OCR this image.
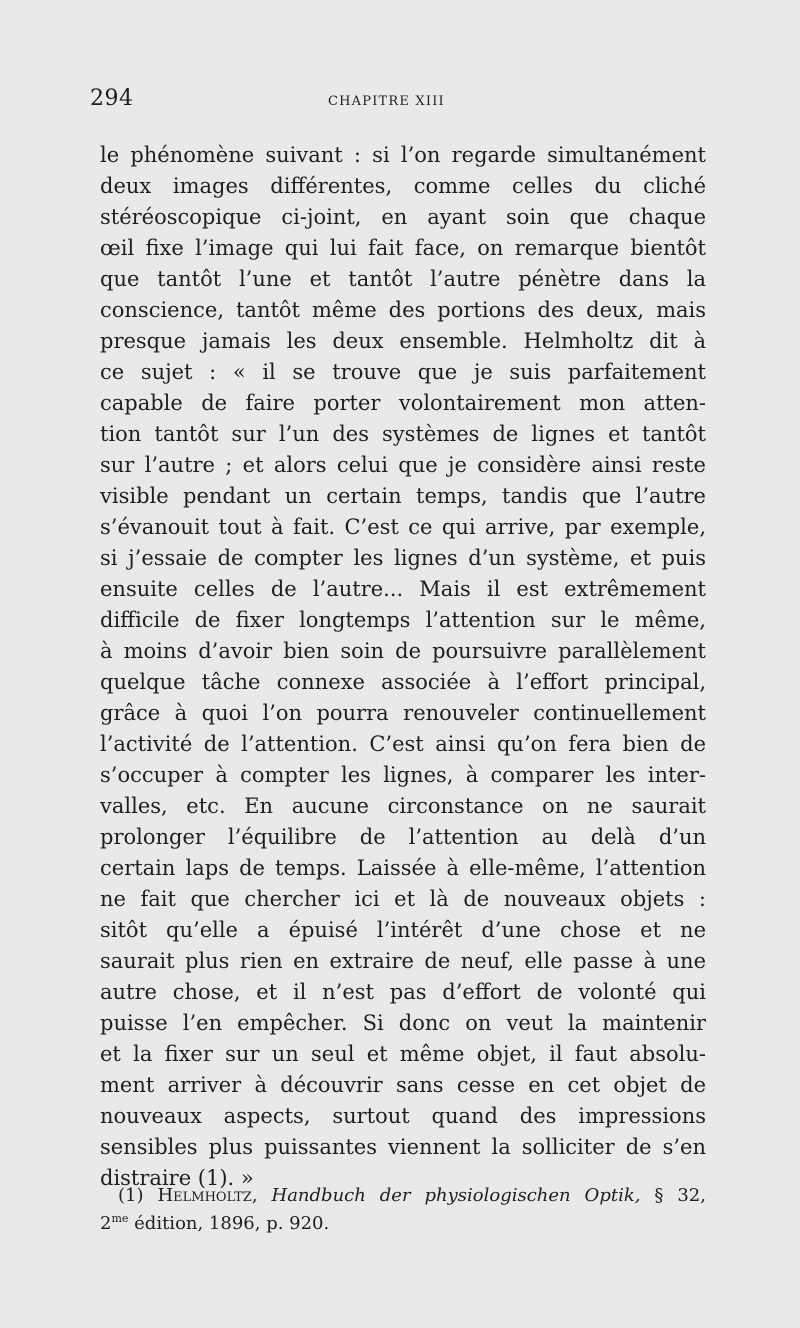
294	CHAPITRE XIII
le phénomène suivant : si l’on regarde simultanément
deux images différentes, comme celles du cliché
stéréoscopique ci-joint, en ayant soin que chaque
œil fixe l’image qui lui fait face, on remarque bientôt
que tantôt l’une et tantôt l’autre pénètre dans la
conscience, tantôt même des portions des deux, mais
presque jamais les deux ensemble. Helmholtz dit à
ce sujet : « il se trouve que je suis parfaitement
capable de faire porter volontairement mon atten-
tion tantôt sur l’un des systèmes de lignes et tantôt
sur l’autre ; et alors celui que je considère ainsi reste
visible pendant un certain temps, tandis que l’autre
s’évanouit tout à fait. C’est ce qui arrive, par exemple,
si j’essaie de compter les lignes d’un système, et puis
ensuite celles de l’autre... Mais il est extrêmement
difficile de fixer longtemps l’attention sur le même,
à moins d’avoir bien soin de poursuivre parallèlement
quelque tâche connexe associée à l’effort principal,
grâce à quoi l’on pourra renouveler continuellement
l’activité de l’attention. C’est ainsi qu’on fera bien de
s’occuper à compter les lignes, à comparer les inter-
valles, etc. En aucune circonstance on ne saurait
prolonger l’équilibre de l’attention au delà d’un
certain laps de temps. Laissée à elle-même, l’attention
ne fait que chercher ici et là de nouveaux objets :
sitôt qu’elle a épuisé l’intérêt d’une chose et ne
saurait plus rien en extraire de neuf, elle passe à une
autre chose, et il n’est pas d’effort de volonté qui
puisse l’en empêcher. Si donc on veut la maintenir
et la fixer sur un seul et même objet, il faut absolu-
ment arriver à découvrir sans cesse en cet objet de
nouveaux aspects, surtout quand des impressions
sensibles plus puissantes viennent la solliciter de s’en
distraire (1). »
(1) Helmholtz, Handbuch der physiologischen Optik, § 32,
$2^{me}$ édition, 1896, p. 920.
